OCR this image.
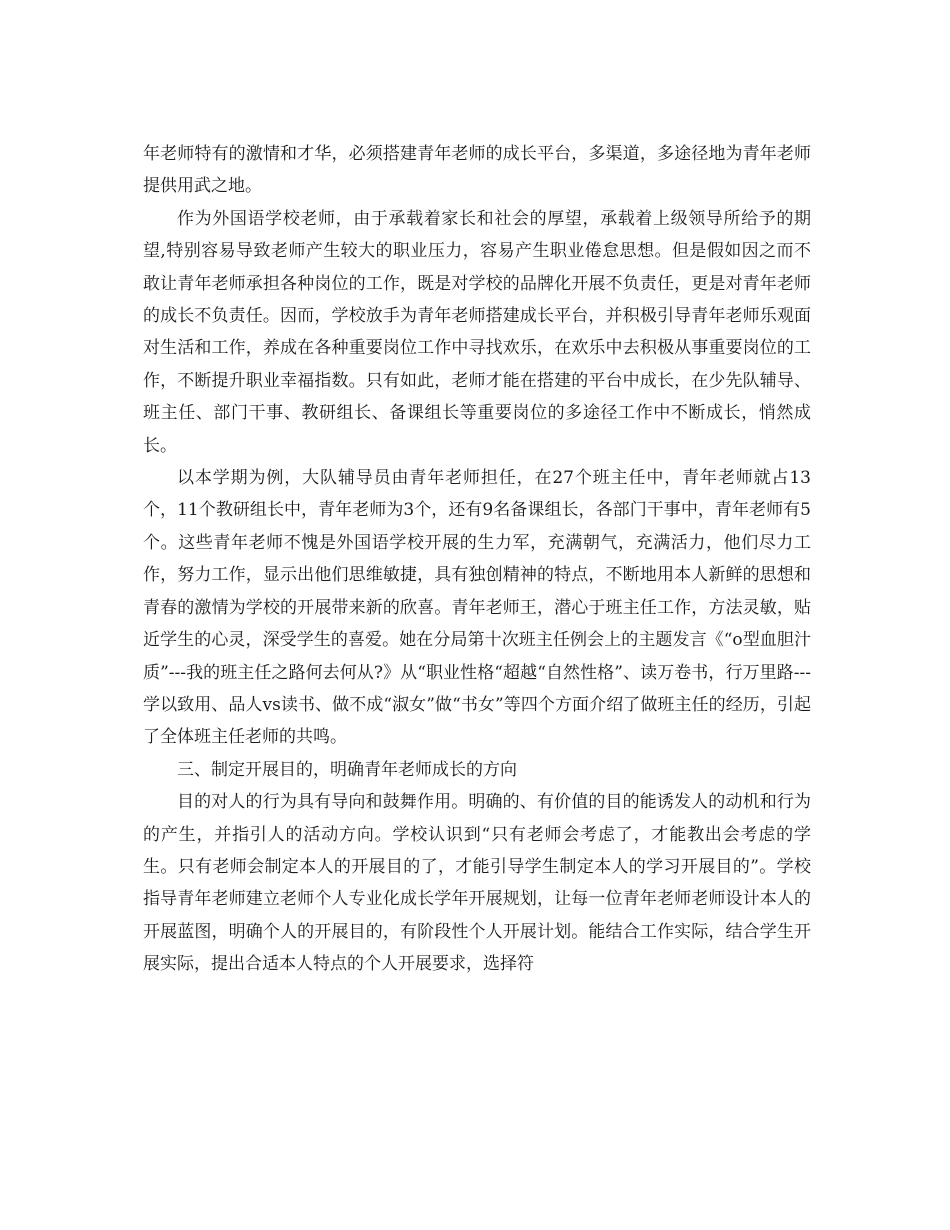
年老师特有的激情和才华，必须搭建青年老师的成长平台，多渠道，多途径地为青年老师提供用武之地。

作为外国语学校老师，由于承载着家长和社会的厚望，承载着上级领导所给予的期望,特别容易导致老师产生较大的职业压力，容易产生职业倦怠思想。但是假如因之而不敢让青年老师承担各种岗位的工作，既是对学校的品牌化开展不负责任，更是对青年老师的成长不负责任。因而，学校放手为青年老师搭建成长平台，并积极引导青年老师乐观面对生活和工作，养成在各种重要岗位工作中寻找欢乐，在欢乐中去积极从事重要岗位的工作，不断提升职业幸福指数。只有如此，老师才能在搭建的平台中成长，在少先队辅导、班主任、部门干事、教研组长、备课组长等重要岗位的多途径工作中不断成长，悄然成长。

以本学期为例，大队辅导员由青年老师担任，在27个班主任中，青年老师就占13个，11个教研组长中，青年老师为3个，还有9名备课组长，各部门干事中，青年老师有5个。这些青年老师不愧是外国语学校开展的生力军，充满朝气，充满活力，他们尽力工作，努力工作，显示出他们思维敏捷，具有独创精神的特点，不断地用本人新鲜的思想和青春的激情为学校的开展带来新的欣喜。青年老师王，潜心于班主任工作，方法灵敏，贴近学生的心灵，深受学生的喜爱。她在分局第十次班主任例会上的主题发言《“o型血胆汁质”---我的班主任之路何去何从?》从“职业性格“超越“自然性格”、读万卷书，行万里路---学以致用、品人vs读书、做不成“淑女”做“书女”等四个方面介绍了做班主任的经历，引起了全体班主任老师的共鸣。

三、制定开展目的，明确青年老师成长的方向

目的对人的行为具有导向和鼓舞作用。明确的、有价值的目的能诱发人的动机和行为的产生，并指引人的活动方向。学校认识到“只有老师会考虑了，才能教出会考虑的学生。只有老师会制定本人的开展目的了，才能引导学生制定本人的学习开展目的”。学校指导青年老师建立老师个人专业化成长学年开展规划，让每一位青年老师老师设计本人的开展蓝图，明确个人的开展目的，有阶段性个人开展计划。能结合工作实际，结合学生开展实际，提出合适本人特点的个人开展要求，选择符
